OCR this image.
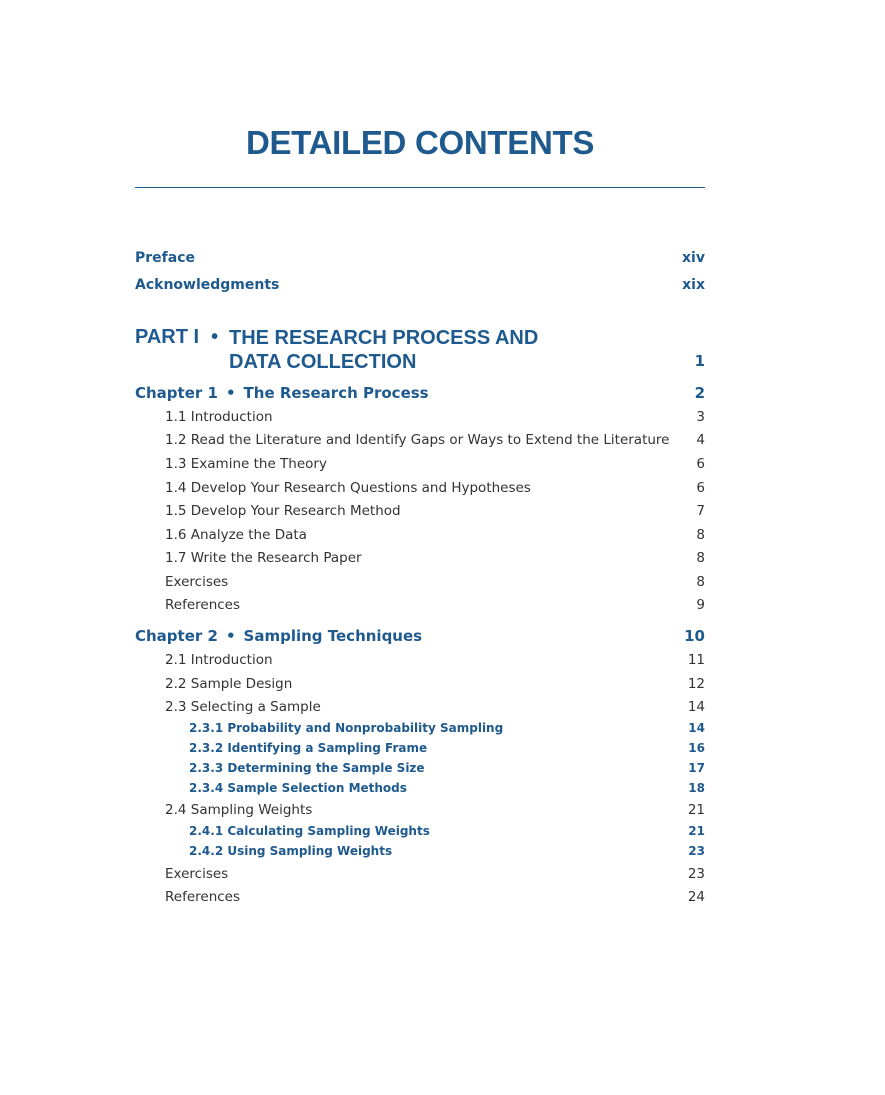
DETAILED CONTENTS
Preface	xiv
Acknowledgments	xix
PART I • THE RESEARCH PROCESS AND DATA COLLECTION	1
Chapter 1 • The Research Process	2
1.1 Introduction	3
1.2 Read the Literature and Identify Gaps or Ways to Extend the Literature 4
1.3 Examine the Theory	6
1.4 Develop Your Research Questions and Hypotheses	6
1.5 Develop Your Research Method	7
1.6 Analyze the Data	8
1.7 Write the Research Paper	8
Exercises	8
References	9
Chapter 2 • Sampling Techniques	10
2.1 Introduction	11
2.2 Sample Design	12
2.3 Selecting a Sample	14
2.3.1 Probability and Nonprobability Sampling	14
2.3.2 Identifying a Sampling Frame	16
2.3.3 Determining the Sample Size	17
2.3.4 Sample Selection Methods	18
2.4 Sampling Weights	21
2.4.1 Calculating Sampling Weights	21
2.4.2 Using Sampling Weights	23
Exercises	23
References	24
